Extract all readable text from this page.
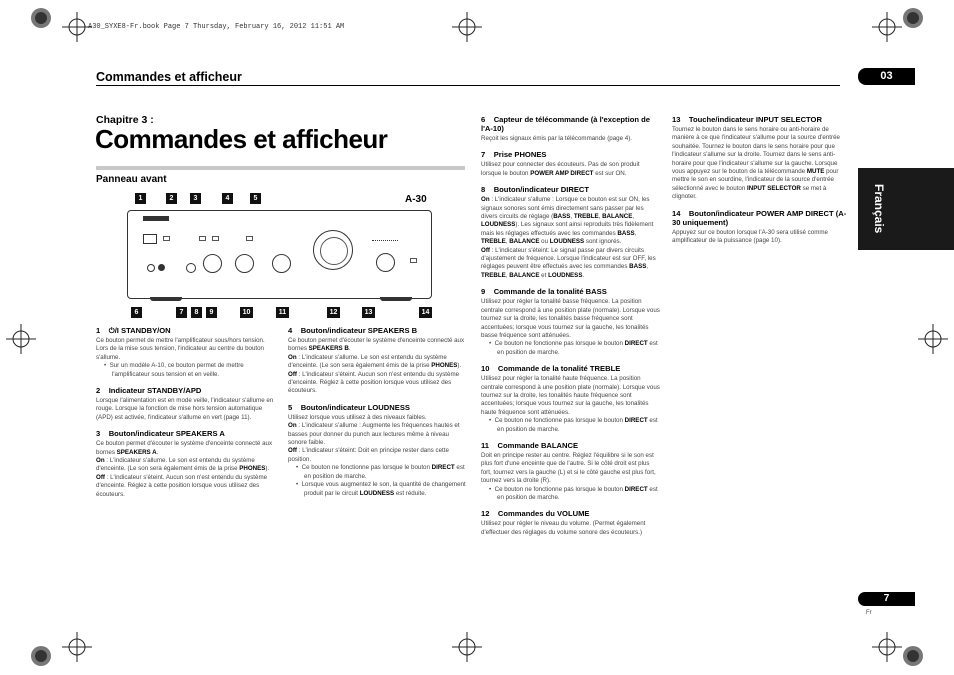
A30_SYXE8-Fr.book Page 7 Thursday, February 16, 2012 11:51 AM
Commandes et afficheur	03
Français
Chapitre 3 :
Commandes et afficheur
Panneau avant
A-30
1	2	3	4	5
6	7	8	9	10	11	12	13	14
1 ⏻/I STANDBY/ON

Ce bouton permet de mettre l'amplificateur sous/hors tension.

Lors de la mise sous tension, l'indicateur au centre du bouton s'allume.

•  Sur un modèle A-10, ce bouton permet de mettre l'amplificateur sous tension et en veille.

2 Indicateur STANDBY/APD

Lorsque l'alimentation est en mode veille, l'indicateur s'allume en rouge. Lorsque la fonction de mise hors tension automatique (APD) est activée, l'indicateur s'allume en vert (page 11).

3 Bouton/indicateur SPEAKERS A

Ce bouton permet d'écouter le système d'enceinte connecté aux bornes SPEAKERS A.

On : L'indicateur s'allume. Le son est entendu du système d'enceinte. (Le son sera également émis de la prise PHONES).

Off : L'indicateur s'éteint. Aucun son n'est entendu du système d'enceinte. Réglez à cette position lorsque vous utilisez des écouteurs.

4 Bouton/indicateur SPEAKERS B

Ce bouton permet d'écouter le système d'enceinte connecté aux bornes SPEAKERS B.

On : L'indicateur s'allume. Le son est entendu du système d'enceinte. (Le son sera également émis de la prise PHONES).

Off : L'indicateur s'éteint. Aucun son n'est entendu du système d'enceinte. Réglez à cette position lorsque vous utilisez des écouteurs.

5 Bouton/indicateur LOUDNESS

Utilisez lorsque vous utilisez à des niveaux faibles.

On : L'indicateur s'allume : Augmente les fréquences hautes et basses pour donner du punch aux lectures même à niveau sonore faible.

Off : L'indicateur s'éteint: Doit en principe rester dans cette position.

•  Ce bouton ne fonctionne pas lorsque le bouton DIRECT est en position de marche.

•  Lorsque vous augmentez le son, la quantité de changement produit par le circuit LOUDNESS est réduite.

6 Capteur de télécommande (à l'exception de l'A-10)

Reçoit les signaux émis par la télécommande (page 4).

7 Prise PHONES

Utilisez pour connecter des écouteurs. Pas de son produit lorsque le bouton POWER AMP DIRECT est sur ON.

8 Bouton/indicateur DIRECT

On : L'indicateur s'allume : Lorsque ce bouton est sur ON, les signaux sonores sont émis directement sans passer par les divers circuits de réglage (BASS, TREBLE, BALANCE, LOUDNESS). Les signaux sont ainsi reproduits très fidèlement mais les réglages effectués avec les commandes BASS, TREBLE, BALANCE ou LOUDNESS sont ignorés.

Off : L'indicateur s'éteint: Le signal passe par divers circuits d'ajustement de fréquence. Lorsque l'indicateur est sur OFF, les réglages peuvent être effectués avec les commandes BASS, TREBLE, BALANCE et LOUDNESS.

9 Commande de la tonalité BASS

Utilisez pour régler la tonalité basse fréquence. La position centrale correspond à une position plate (normale). Lorsque vous tournez sur la droite, les tonalités basse fréquence sont accentuées; lorsque vous tournez sur la gauche, les tonalités basse fréquence sont atténuées.

•  Ce bouton ne fonctionne pas lorsque le bouton DIRECT est en position de marche.

10 Commande de la tonalité TREBLE

Utilisez pour régler la tonalité haute fréquence. La position centrale correspond à une position plate (normale). Lorsque vous tournez sur la droite, les tonalités haute fréquence sont accentuées; lorsque vous tournez sur la gauche, les tonalités haute fréquence sont atténuées.

•  Ce bouton ne fonctionne pas lorsque le bouton DIRECT est en position de marche.

11 Commande BALANCE

Doit en principe rester au centre. Réglez l'équilibre si le son est plus fort d'une enceinte que de l'autre. Si le côté droit est plus fort, tournez vers la gauche (L) et si le côté gauche est plus fort, tournez vers la droite (R).

•  Ce bouton ne fonctionne pas lorsque le bouton DIRECT est en position de marche.

12 Commandes du VOLUME

Utilisez pour régler le niveau du volume. (Permet également d'effectuer des réglages du volume sonore des écouteurs.)

13 Touche/indicateur INPUT SELECTOR

Tournez le bouton dans le sens horaire ou anti-horaire de manière à ce que l'indicateur s'allume pour la source d'entrée souhaitée. Tournez le bouton dans le sens horaire pour que l'indicateur s'allume sur la droite. Tournez dans le sens anti-horaire pour que l'indicateur s'allume sur la gauche. Lorsque vous appuyez sur le bouton de la télécommande MUTE pour mettre le son en sourdine, l'indicateur de la source d'entrée sélectionné avec le bouton INPUT SELECTOR se met à clignoter.

14 Bouton/indicateur POWER AMP DIRECT (A-30 uniquement)

Appuyez sur ce bouton lorsque l'A-30 sera utilisé comme amplificateur de la puissance (page 10).

7
Fr
